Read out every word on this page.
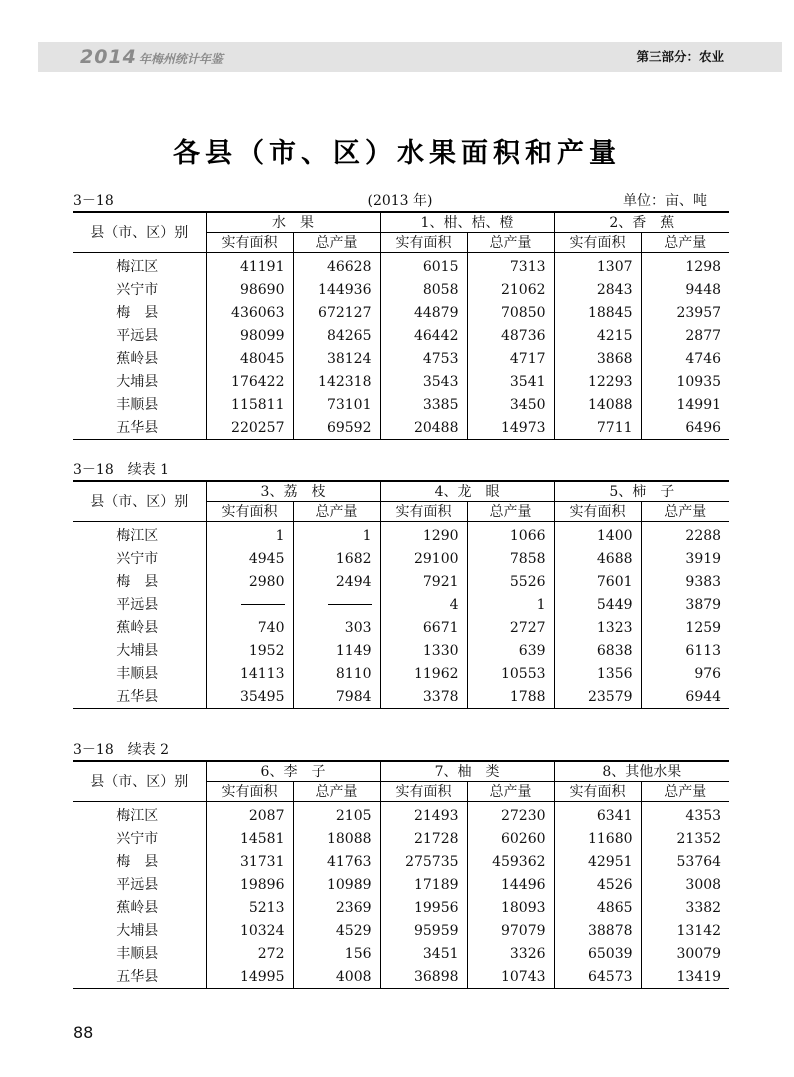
2014 年梅州统计年鉴	第三部分：农业
各县（市、区）水果面积和产量
3－18	(2013 年)	单位：亩、吨
县（市、区）别	水　果		1、柑、桔、橙		2、香　蕉	
	实有面积	总产量	实有面积	总产量	实有面积	总产量
梅江区	41191	46628	6015	7313	1307	1298
兴宁市	98690	144936	8058	21062	2843	9448
梅　县	436063	672127	44879	70850	18845	23957
平远县	98099	84265	46442	48736	4215	2877
蕉岭县	48045	38124	4753	4717	3868	4746
大埔县	176422	142318	3543	3541	12293	10935
丰顺县	115811	73101	3385	3450	14088	14991
五华县	220257	69592	20488	14973	7711	6496
3－18 续表 1
县（市、区）别	3、荔　枝		4、龙　眼		5、柿　子	
	实有面积	总产量	实有面积	总产量	实有面积	总产量
梅江区	1	1	1290	1066	1400	2288
兴宁市	4945	1682	29100	7858	4688	3919
梅　县	2980	2494	7921	5526	7601	9383
平远县			4	1	5449	3879
蕉岭县	740	303	6671	2727	1323	1259
大埔县	1952	1149	1330	639	6838	6113
丰顺县	14113	8110	11962	10553	1356	976
五华县	35495	7984	3378	1788	23579	6944
3－18 续表 2
县（市、区）别	6、李　子		7、柚　类		8、其他水果	
	实有面积	总产量	实有面积	总产量	实有面积	总产量
梅江区	2087	2105	21493	27230	6341	4353
兴宁市	14581	18088	21728	60260	11680	21352
梅　县	31731	41763	275735	459362	42951	53764
平远县	19896	10989	17189	14496	4526	3008
蕉岭县	5213	2369	19956	18093	4865	3382
大埔县	10324	4529	95959	97079	38878	13142
丰顺县	272	156	3451	3326	65039	30079
五华县	14995	4008	36898	10743	64573	13419
88
